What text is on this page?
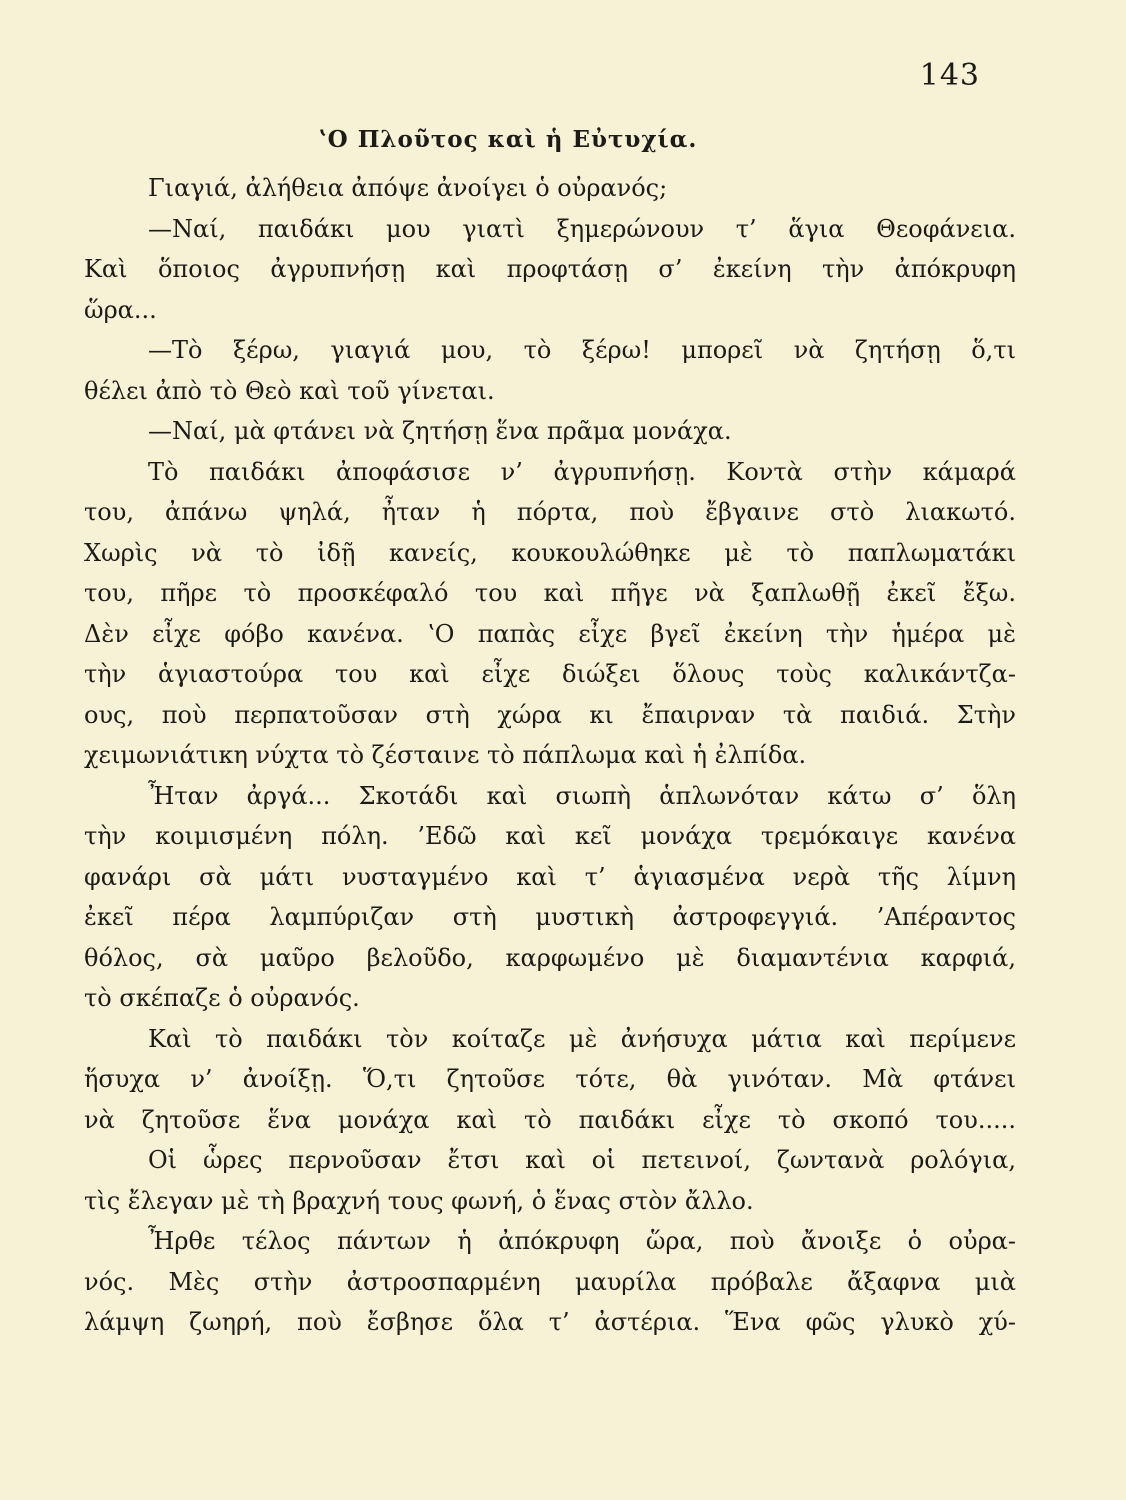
143
ʽΟ Πλοῦτος καὶ ἡ Εὐτυχία.
Γιαγιά, ἀλήθεια ἀπόψε ἀνοίγει ὁ οὐρανός;
—Ναί, παιδάκι μου γιατὶ ξημερώνουν τ’ ἅγια Θεοφάνεια.
Καὶ ὅποιος ἀγρυπνήσῃ καὶ προφτάσῃ σ’ ἐκείνη τὴν ἀπόκρυφη
ὥρα...
—Τὸ ξέρω, γιαγιά μου, τὸ ξέρω! μπορεῖ νὰ ζητήσῃ ὅ,τι
θέλει ἀπὸ τὸ Θεὸ καὶ τοῦ γίνεται.
—Ναί, μὰ φτάνει νὰ ζητήσῃ ἕνα πρᾶμα μονάχα.
Τὸ παιδάκι ἀποφάσισε ν’ ἀγρυπνήσῃ. Κοντὰ στὴν κάμαρά
του, ἀπάνω ψηλά, ἦταν ἡ πόρτα, ποὺ ἔβγαινε στὸ λιακωτό.
Χωρὶς νὰ τὸ ἰδῇ κανείς, κουκουλώθηκε μὲ τὸ παπλωματάκι
του, πῆρε τὸ προσκέφαλό του καὶ πῆγε νὰ ξαπλωθῇ ἐκεῖ ἔξω.
Δὲν εἶχε φόβο κανένα. ʽΟ παπὰς εἶχε βγεῖ ἐκείνη τὴν ἡμέρα μὲ
τὴν ἁγιαστούρα του καὶ εἶχε διώξει ὅλους τοὺς καλικάντζα-
ους, ποὺ περπατοῦσαν στὴ χώρα κι ἔπαιρναν τὰ παιδιά. Στὴν
χειμωνιάτικη νύχτα τὸ ζέσταινε τὸ πάπλωμα καὶ ἡ ἐλπίδα.
Ἦταν ἀργά... Σκοτάδι καὶ σιωπὴ ἁπλωνόταν κάτω σ’ ὅλη
τὴν κοιμισμένη πόλη. ’Εδῶ καὶ κεῖ μονάχα τρεμόκαιγε κανένα
φανάρι σὰ μάτι νυσταγμένο καὶ τ’ ἁγιασμένα νερὰ τῆς λίμνη
ἐκεῖ πέρα λαμπύριζαν στὴ μυστικὴ ἀστροφεγγιά. ’Απέραντος
θόλος, σὰ μαῦρο βελοῦδο, καρφωμένο μὲ διαμαντένια καρφιά,
τὸ σκέπαζε ὁ οὐρανός.
Καὶ τὸ παιδάκι τὸν κοίταζε μὲ ἀνήσυχα μάτια καὶ περίμενε
ἥσυχα ν’ ἀνοίξῃ. Ὅ,τι ζητοῦσε τότε, θὰ γινόταν. Μὰ φτάνει
νὰ ζητοῦσε ἕνα μονάχα καὶ τὸ παιδάκι εἶχε τὸ σκοπό του.....
Οἱ ὧρες περνοῦσαν ἔτσι καὶ οἱ πετεινοί, ζωντανὰ ρολόγια,
τὶς ἔλεγαν μὲ τὴ βραχνή τους φωνή, ὁ ἕνας στὸν ἄλλο.
Ἦρθε τέλος πάντων ἡ ἀπόκρυφη ὥρα, ποὺ ἄνοιξε ὁ οὐρα-
νός. Μὲς στὴν ἀστροσπαρμένη μαυρίλα πρόβαλε ἄξαφνα μιὰ
λάμψη ζωηρή, ποὺ ἔσβησε ὅλα τ’ ἀστέρια. Ἕνα φῶς γλυκὸ χύ-
